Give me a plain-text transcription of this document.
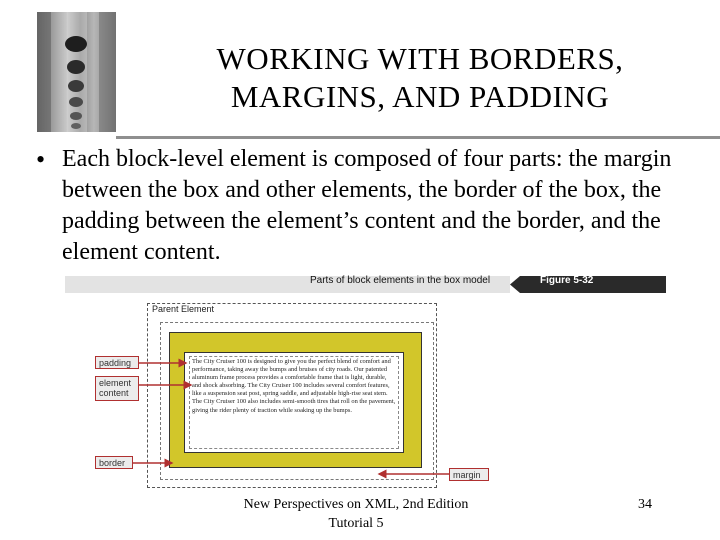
WORKING WITH BORDERS,
MARGINS, AND PADDING
• Each block-level element is composed of four parts: the margin between the box and other elements, the border of the box, the padding between the element’s content and the border, and the element content.
Parts of block elements in the box model	Figure 5-32
Parent Element
The City Cruiser 100 is designed to give you the perfect blend of comfort and performance, taking away the bumps and bruises of city roads. Our patented aluminum frame process provides a comfortable frame that is light, durable, and shock absorbing. The City Cruiser 100 includes several comfort features, like a suspension seat post, spring saddle, and adjustable high-rise seat stem. The City Cruiser 100 also includes semi-smooth tires that roll on the pavement, giving the rider plenty of traction while soaking up the bumps.
padding
element content
border
margin
New Perspectives on XML, 2nd Edition
Tutorial 5
34
